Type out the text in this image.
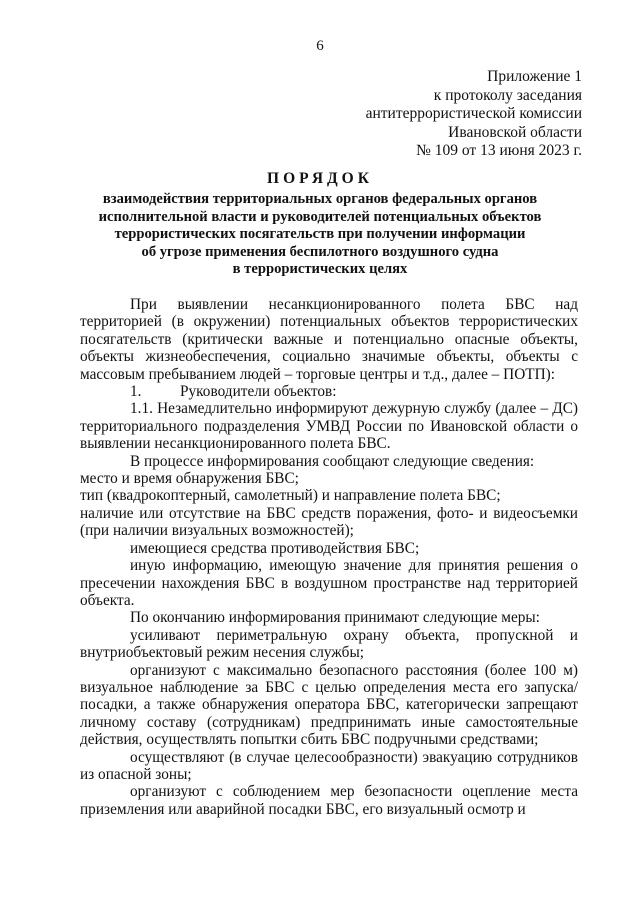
6
Приложение 1
к протоколу заседания
антитеррористической комиссии
Ивановской области
№ 109 от 13 июня 2023 г.
ПОРЯДОК
взаимодействия территориальных органов федеральных органов
исполнительной власти и руководителей потенциальных объектов
террористических посягательств при получении информации
об угрозе применения беспилотного воздушного судна
в террористических целях

При выявлении несанкционированного полета БВС над территорией (в окружении) потенциальных объектов террористических посягательств (критически важные и потенциально опасные объекты, объекты жизнеобеспечения, социально значимые объекты, объекты с массовым пребыванием людей – торговые центры и т.д., далее – ПОТП):

1.	Руководители объектов:

1.1. Незамедлительно информируют дежурную службу (далее – ДС) территориального подразделения УМВД России по Ивановской области о выявлении несанкционированного полета БВС.

В процессе информирования сообщают следующие сведения:

место и время обнаружения БВС;

тип (квадрокоптерный, самолетный) и направление полета БВС;

наличие или отсутствие на БВС средств поражения, фото- и видеосъемки (при наличии визуальных возможностей);

имеющиеся средства противодействия БВС;

иную информацию, имеющую значение для принятия решения о пресечении нахождения БВС в воздушном пространстве над территорией объекта.

По окончанию информирования принимают следующие меры:

усиливают периметральную охрану объекта, пропускной и внутриобъектовый режим несения службы;

организуют с максимально безопасного расстояния (более 100 м) визуальное наблюдение за БВС с целью определения места его запуска/посадки, а также обнаружения оператора БВС, категорически запрещают личному составу (сотрудникам) предпринимать иные самостоятельные действия, осуществлять попытки сбить БВС подручными средствами;

осуществляют (в случае целесообразности) эвакуацию сотрудников из опасной зоны;

организуют с соблюдением мер безопасности оцепление места приземления или аварийной посадки БВС, его визуальный осмотр и
